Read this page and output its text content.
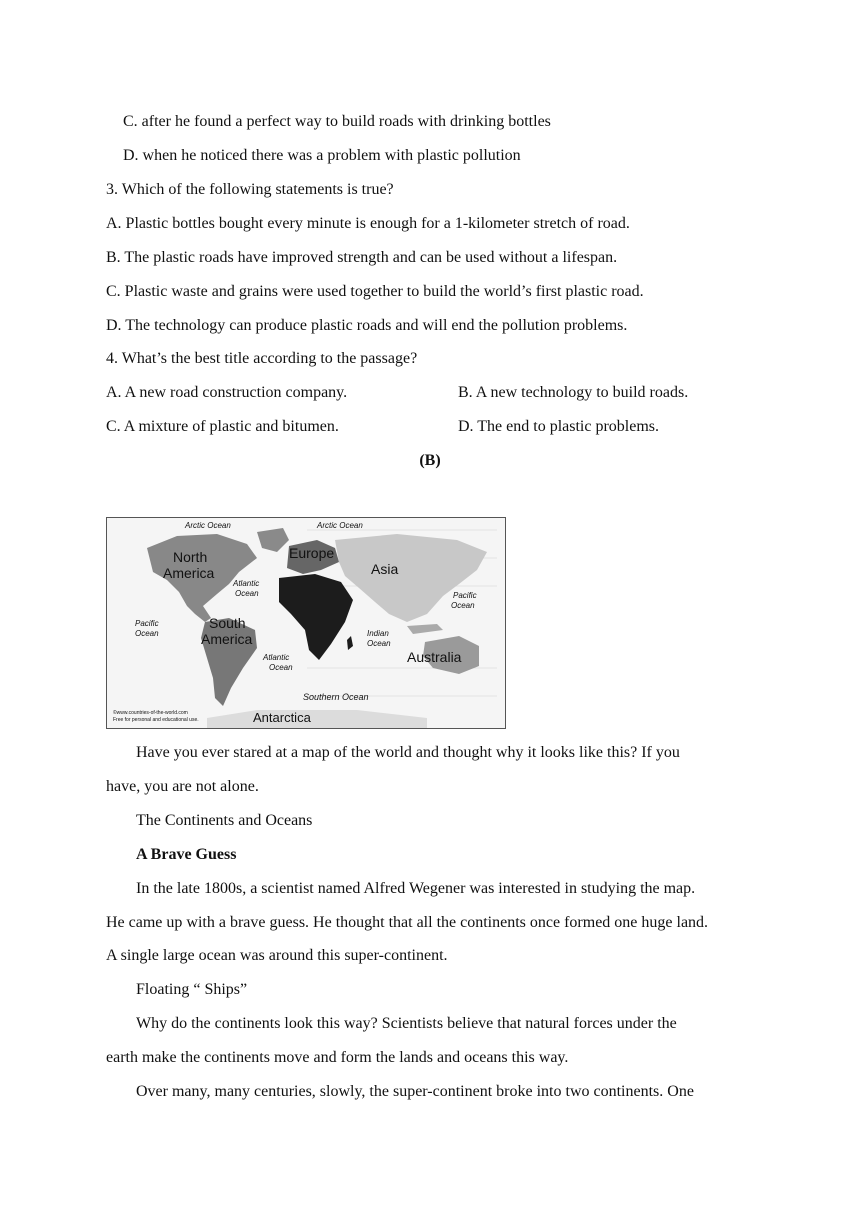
C. after he found a perfect way to build roads with drinking bottles
D. when he noticed there was a problem with plastic pollution
3. Which of the following statements is true?
A. Plastic bottles bought every minute is enough for a 1-kilometer stretch of road.
B. The plastic roads have improved strength and can be used without a lifespan.
C. Plastic waste and grains were used together to build the world’s first plastic road.
D. The technology can produce plastic roads and will end the pollution problems.
4. What’s the best title according to the passage?
A. A new road construction company.	B. A new technology to build roads.
C. A mixture of plastic and bitumen.	D. The end to plastic problems.
(B)
Arctic Ocean	Arctic Ocean
North
America
Europe
Asia
Atlantic
Ocean	Pacific
Ocean
Pacific
Ocean
South
America	Indian
Ocean
Atlantic
Ocean
Australia
Southern Ocean
Antarctica
©www.countries-of-the-world.com
Free for personal and educational use.
Have you ever stared at a map of the world and thought why it looks like this? If you
have, you are not alone.
The Continents and Oceans
A Brave Guess
In the late 1800s, a scientist named Alfred Wegener was interested in studying the map.
He came up with a brave guess. He thought that all the continents once formed one huge land.
A single large ocean was around this super-continent.
Floating “ Ships”
Why do the continents look this way? Scientists believe that natural forces under the
earth make the continents move and form the lands and oceans this way.
Over many, many centuries, slowly, the super-continent broke into two continents. One
